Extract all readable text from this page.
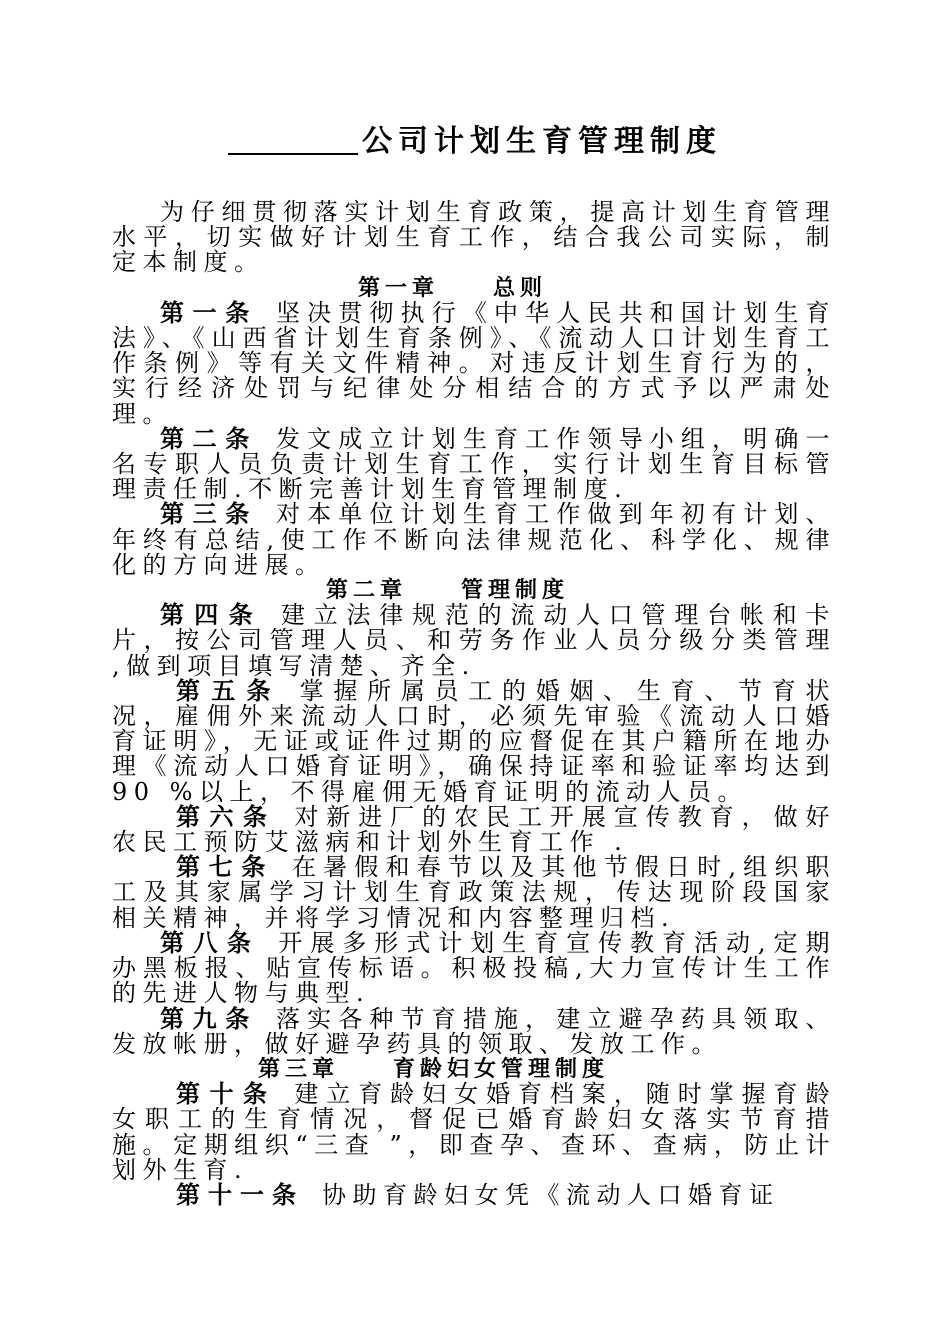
公司计划生育管理制度

为仔细贯彻落实计划生育政策，提高计划生育管理水平，切实做好计划生育工作，结合我公司实际，制定本制度。

第一章　　总则

第一条 坚决贯彻执行《中华人民共和国计划生育法》、《山西省计划生育条例》、《流动人口计划生育工作条例》等有关文件精神。对违反计划生育行为的，实行经济处罚与纪律处分相结合的方式予以严肃处理。

第二条 发文成立计划生育工作领导小组，明确一名专职人员负责计划生育工作，实行计划生育目标管理责任制.不断完善计划生育管理制度.

第三条 对本单位计划生育工作做到年初有计划、年终有总结,使工作不断向法律规范化、科学化、规律化的方向进展。

第二章　　管理制度

第四条 建立法律规范的流动人口管理台帐和卡片，按公司管理人员、和劳务作业人员分级分类管理 ,做到项目填写清楚、齐全.

第五条 掌握所属员工的婚姻、生育、节育状况，雇佣外来流动人口时，必须先审验《流动人口婚育证明》，无证或证件过期的应督促在其户籍所在地办理《流动人口婚育证明》，确保持证率和验证率均达到 90 %以上，不得雇佣无婚育证明的流动人员。

第六条 对新进厂的农民工开展宣传教育，做好农民工预防艾滋病和计划外生育工作 .

第七条 在暑假和春节以及其他节假日时,组织职工及其家属学习计划生育政策法规，传达现阶段国家相关精神，并将学习情况和内容整理归档.

第八条 开展多形式计划生育宣传教育活动,定期办黑板报、贴宣传标语。积极投稿,大力宣传计生工作的先进人物与典型.

第九条 落实各种节育措施，建立避孕药具领取、发放帐册，做好避孕药具的领取、发放工作。

第三章　　育龄妇女管理制度

第十条 建立育龄妇女婚育档案，随时掌握育龄女职工的生育情况，督促已婚育龄妇女落实节育措施。定期组织“三查 ”，即查孕、查环、查病，防止计划外生育.

第十一条 协助育龄妇女凭《流动人口婚育证
